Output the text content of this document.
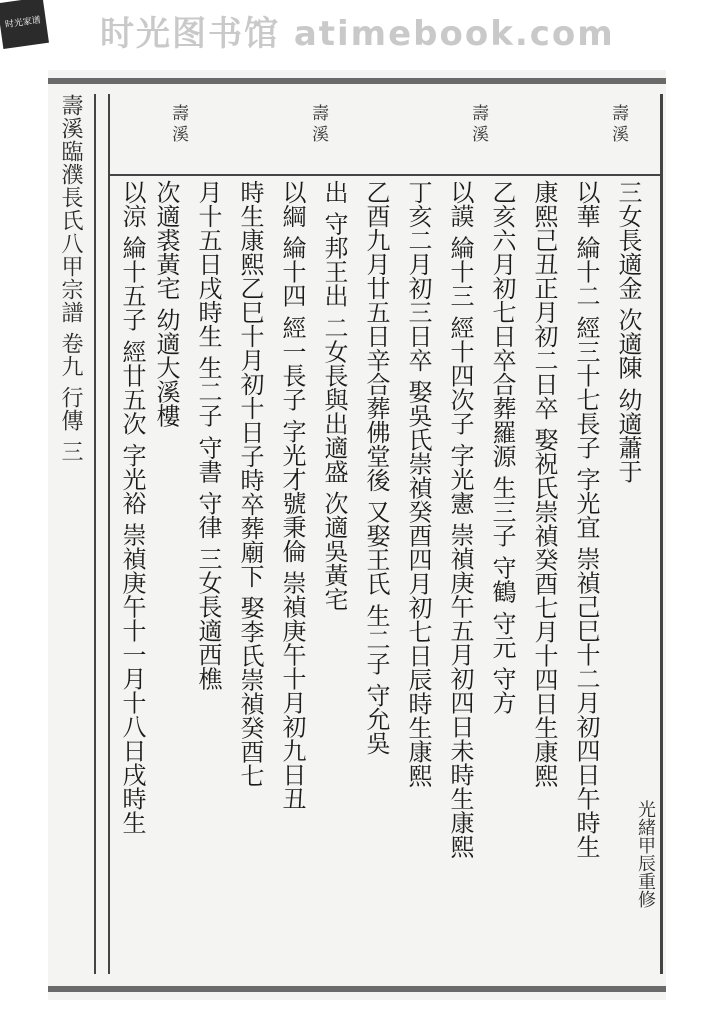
时光家谱 时光图书馆 atimebook.com
壽溪臨濮長氏八甲宗譜 卷九 行傳 三	壽溪
壽溪
壽溪
壽溪
三女長適金 次適陳 幼適蕭于
以華 綸十二 經三十七長子 字光宜 崇禎己巳十二月初四日午時生
康熙己丑正月初二日卒 娶祝氏崇禎癸酉七月十四日生康熙
乙亥六月初七日卒合葬羅源 生三子 守鶴 守元 守方
以謨 綸十三 經十四次子 字光憲 崇禎庚午五月初四日未時生康熙
丁亥二月初三日卒 娶吳氏崇禎癸酉四月初七日辰時生康熙
乙酉九月廿五日辛合葬佛堂後 又娶王氏 生二子 守允吳
出 守邦王出 二女長與出適盛 次適吳黃宅
以綱 綸十四 經一長子 字光才號秉倫 崇禎庚午十月初九日丑
時生康熙乙巳十月初十日子時卒葬廟下 娶李氏崇禎癸酉七
月十五日戌時生 生二子 守書 守律 三女長適西樵
次適裘黃宅 幼適大溪樓
以涼 綸十五子 經廿五次 字光裕 崇禎庚午十一月十八日戌時生
光緒甲辰重修
